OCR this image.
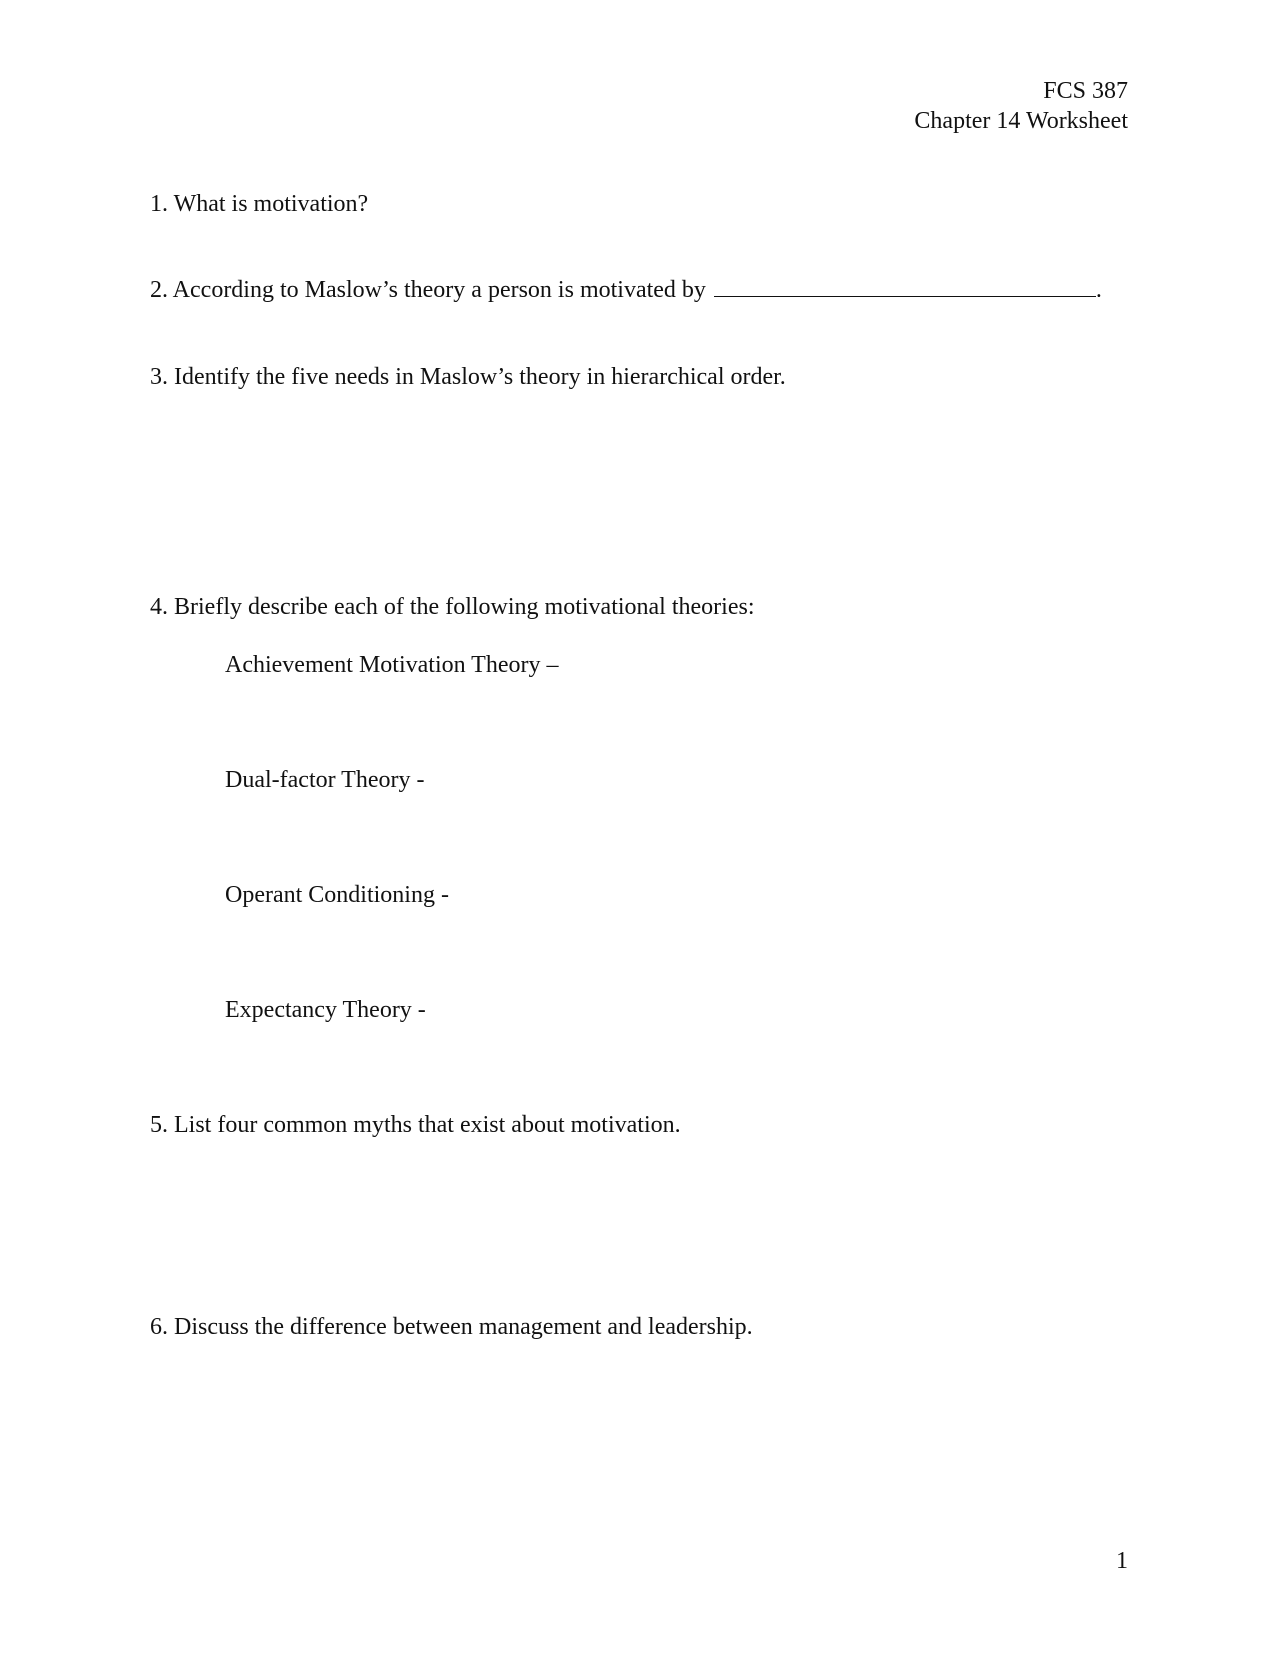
FCS 387
Chapter 14 Worksheet
1. What is motivation?
2. According to Maslow’s theory a person is motivated by	.
3. Identify the five needs in Maslow’s theory in hierarchical order.
4. Briefly describe each of the following motivational theories:
Achievement Motivation Theory –
Dual-factor Theory -
Operant Conditioning -
Expectancy Theory -
5. List four common myths that exist about motivation.
6. Discuss the difference between management and leadership.
1
